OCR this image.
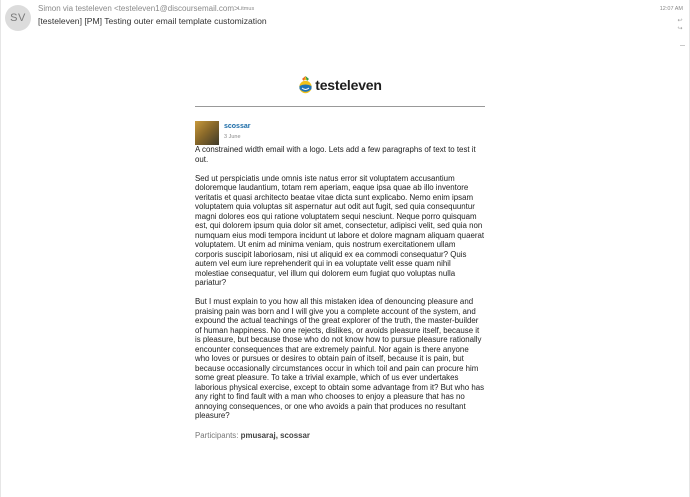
SV
Simon via testeleven <testeleven1@discoursemail.com>
[testeleven] [PM] Testing outer email template customization
Litmus	12:07 AM
↩
↪
testeleven
scossar
3 June

A constrained width email with a logo. Lets add a few paragraphs of text to test it out.

Sed ut perspiciatis unde omnis iste natus error sit voluptatem accusantium doloremque laudantium, totam rem aperiam, eaque ipsa quae ab illo inventore veritatis et quasi architecto beatae vitae dicta sunt explicabo. Nemo enim ipsam voluptatem quia voluptas sit aspernatur aut odit aut fugit, sed quia consequuntur magni dolores eos qui ratione voluptatem sequi nesciunt. Neque porro quisquam est, qui dolorem ipsum quia dolor sit amet, consectetur, adipisci velit, sed quia non numquam eius modi tempora incidunt ut labore et dolore magnam aliquam quaerat voluptatem. Ut enim ad minima veniam, quis nostrum exercitationem ullam corporis suscipit laboriosam, nisi ut aliquid ex ea commodi consequatur? Quis autem vel eum iure reprehenderit qui in ea voluptate velit esse quam nihil molestiae consequatur, vel illum qui dolorem eum fugiat quo voluptas nulla pariatur?

But I must explain to you how all this mistaken idea of denouncing pleasure and praising pain was born and I will give you a complete account of the system, and expound the actual teachings of the great explorer of the truth, the master-builder of human happiness. No one rejects, dislikes, or avoids pleasure itself, because it is pleasure, but because those who do not know how to pursue pleasure rationally encounter consequences that are extremely painful. Nor again is there anyone who loves or pursues or desires to obtain pain of itself, because it is pain, but because occasionally circumstances occur in which toil and pain can procure him some great pleasure. To take a trivial example, which of us ever undertakes laborious physical exercise, except to obtain some advantage from it? But who has any right to find fault with a man who chooses to enjoy a pleasure that has no annoying consequences, or one who avoids a pain that produces no resultant pleasure?

Participants: pmusaraj, scossar
